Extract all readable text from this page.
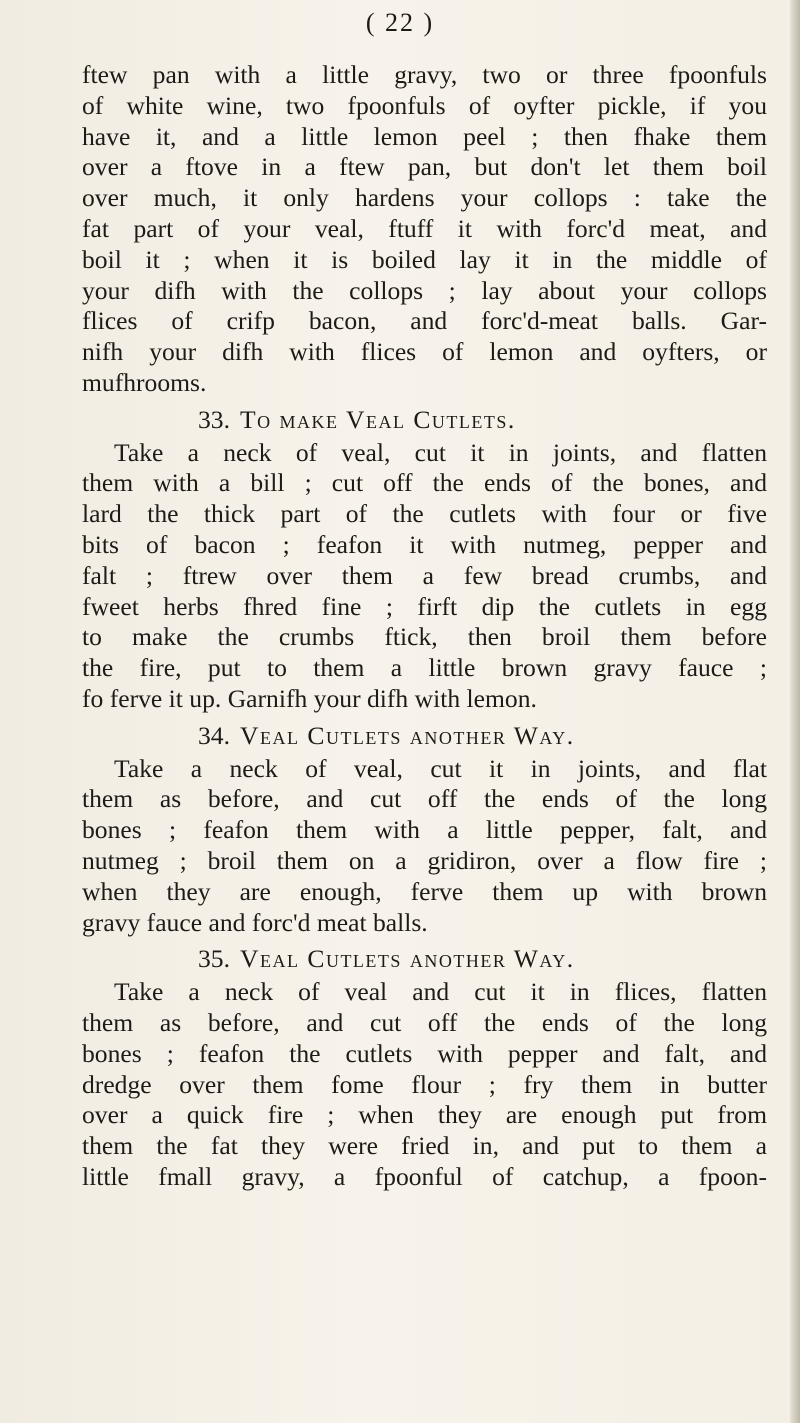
( 22 )
ftew pan with a little gravy, two or three fpoonfuls
of white wine, two fpoonfuls of oyfter pickle, if you
have it, and a little lemon peel ; then fhake them
over a ftove in a ftew pan, but don't let them boil
over much, it only hardens your collops : take the
fat part of your veal, ftuff it with forc'd meat, and
boil it ; when it is boiled lay it in the middle of
your difh with the collops ; lay about your collops
flices of crifp bacon, and forc'd-meat balls. Gar-
nifh your difh with flices of lemon and oyfters, or
mufhrooms.
33. To make Veal Cutlets.
Take a neck of veal, cut it in joints, and flatten
them with a bill ; cut off the ends of the bones, and
lard the thick part of the cutlets with four or five
bits of bacon ; feafon it with nutmeg, pepper and
falt ; ftrew over them a few bread crumbs, and
fweet herbs fhred fine ; firft dip the cutlets in egg
to make the crumbs ftick, then broil them before
the fire, put to them a little brown gravy fauce ;
fo ferve it up. Garnifh your difh with lemon.
34. Veal Cutlets another Way.
Take a neck of veal, cut it in joints, and flat
them as before, and cut off the ends of the long
bones ; feafon them with a little pepper, falt, and
nutmeg ; broil them on a gridiron, over a flow fire ;
when they are enough, ferve them up with brown
gravy fauce and forc'd meat balls.
35. Veal Cutlets another Way.
Take a neck of veal and cut it in flices, flatten
them as before, and cut off the ends of the long
bones ; feafon the cutlets with pepper and falt, and
dredge over them fome flour ; fry them in butter
over a quick fire ; when they are enough put from
them the fat they were fried in, and put to them a
little fmall gravy, a fpoonful of catchup, a fpoon-
